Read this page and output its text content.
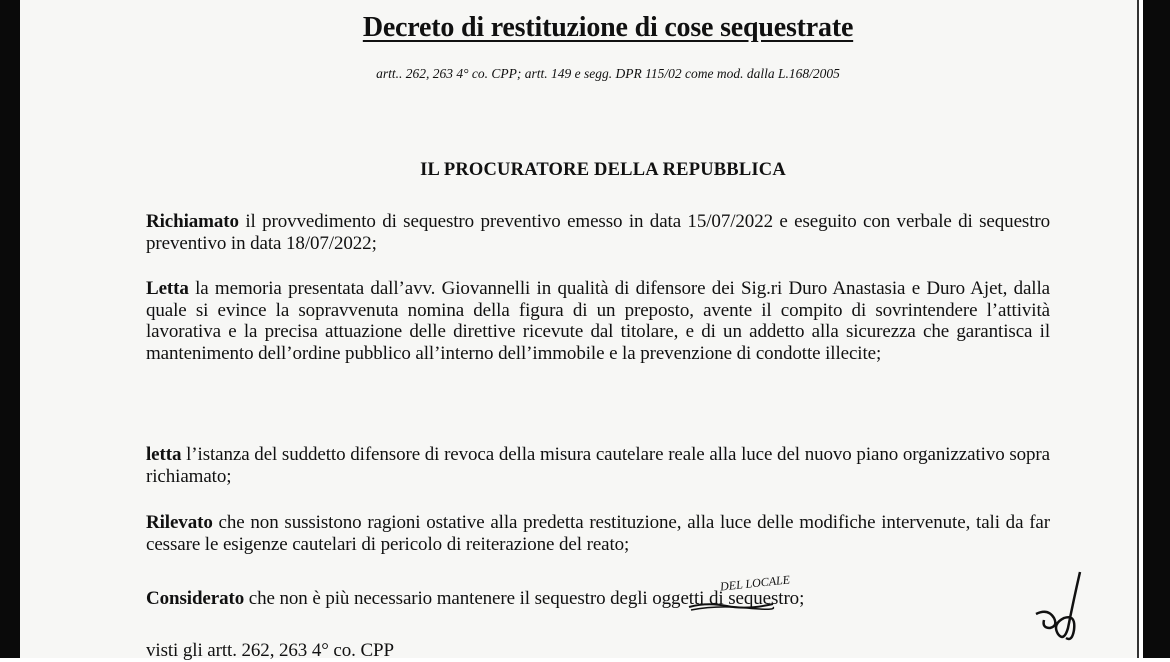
Decreto di restituzione di cose sequestrate
artt.. 262, 263 4° co. CPP; artt. 149 e segg. DPR 115/02 come mod. dalla L.168/2005
IL PROCURATORE DELLA REPUBBLICA
Richiamato il provvedimento di sequestro preventivo emesso in data 15/07/2022 e eseguito con verbale di sequestro preventivo in data 18/07/2022;
Letta la memoria presentata dall’avv. Giovannelli in qualità di difensore dei Sig.ri Duro Anastasia e Duro Ajet, dalla quale si evince la sopravvenuta nomina della figura di un preposto, avente il compito di sovrintendere l’attività lavorativa e la precisa attuazione delle direttive ricevute dal titolare, e di un addetto alla sicurezza che garantisca il mantenimento dell’ordine pubblico all’interno dell’immobile e la prevenzione di condotte illecite;
letta l’istanza del suddetto difensore di revoca della misura cautelare reale alla luce del nuovo piano organizzativo sopra richiamato;
Rilevato che non sussistono ragioni ostative alla predetta restituzione, alla luce delle modifiche intervenute, tali da far cessare le esigenze cautelari di pericolo di reiterazione del reato;
Considerato che non è più necessario mantenere il sequestro degli oggetti di sequestro;
visti gli artt. 262, 263 4° co. CPP
DEL LOCALE
